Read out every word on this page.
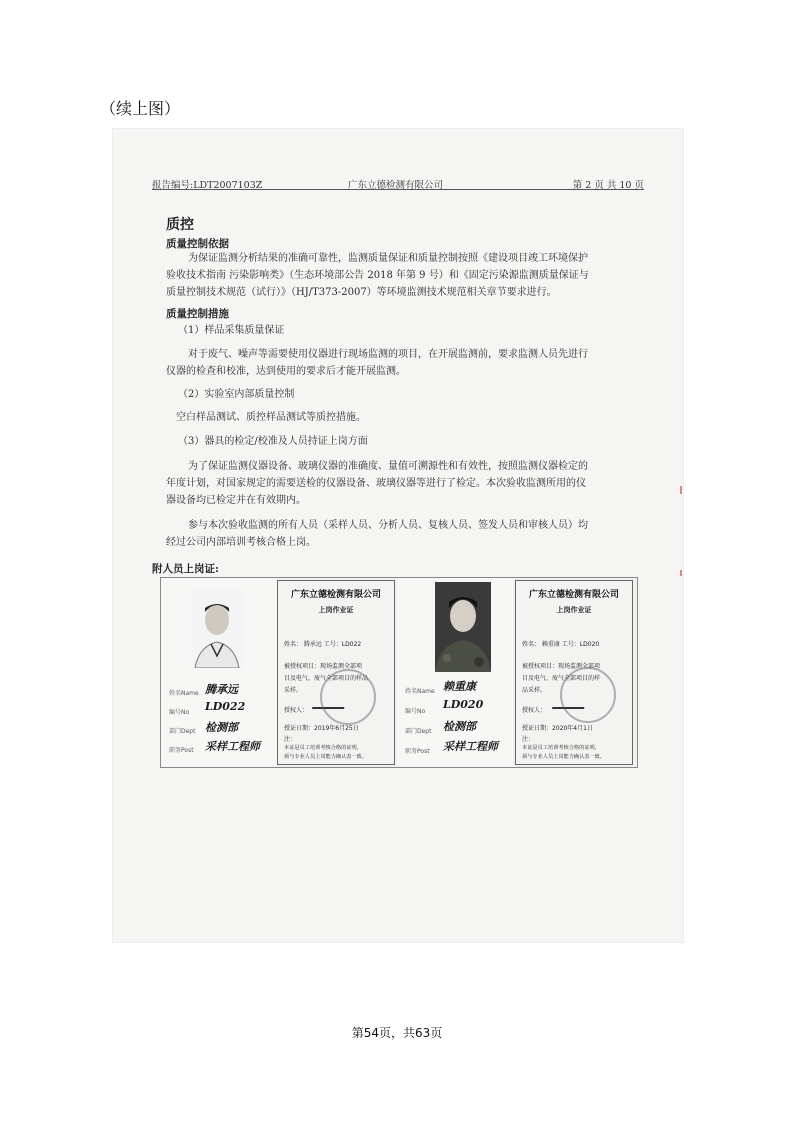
（续上图）
报告编号:LDT2007103Z	广东立德检测有限公司	第 2 页 共 10 页
质控
质量控制依据
为保证监测分析结果的准确可靠性，监测质量保证和质量控制按照《建设项目竣工环境保护
验收技术指南 污染影响类》（生态环境部公告 2018 年第 9 号）和《固定污染源监测质量保证与
质量控制技术规范（试行）》（HJ/T373-2007）等环境监测技术规范相关章节要求进行。
质量控制措施
（1）样品采集质量保证
对于废气、噪声等需要使用仪器进行现场监测的项目，在开展监测前，要求监测人员先进行
仪器的检查和校准，达到使用的要求后才能开展监测。
（2）实验室内部质量控制
空白样品测试、质控样品测试等质控措施。
（3）器具的检定/校准及人员持证上岗方面
为了保证监测仪器设备、玻璃仪器的准确度、量值可溯源性和有效性，按照监测仪器检定的
年度计划，对国家规定的需要送检的仪器设备、玻璃仪器等进行了检定。本次验收监测所用的仪
器设备均已检定并在有效期内。
参与本次验收监测的所有人员（采样人员、分析人员、复核人员、签发人员和审核人员）均
经过公司内部培训考核合格上岗。
附人员上岗证:
姓名Name
编号No
部门Dept
职务Post
腾承远
LD022
检测部
采样工程师
广东立德检测有限公司
上岗作业证
姓名： 腾承远 工号：LD022
被授权项目：现场监测全部项
目及电气、废气全部项目的样品
采样。
授权人：
授证日期：2019年6月25日
注：
本证是员工培训考核合格的证明，
须与专业人员上岗能力确认表一致。
姓名Name
编号No
部门Dept
职务Post
赖重康
LD020
检测部
采样工程师
广东立德检测有限公司
上岗作业证
姓名： 赖重康 工号：LD020
被授权项目：现场监测全部项
目及电气、废气全部项目的样
品采样。
授权人：
授证日期：2020年4月1日
注：
本证是员工培训考核合格的证明，
须与专业人员上岗能力确认表一致。
第54页，共63页
